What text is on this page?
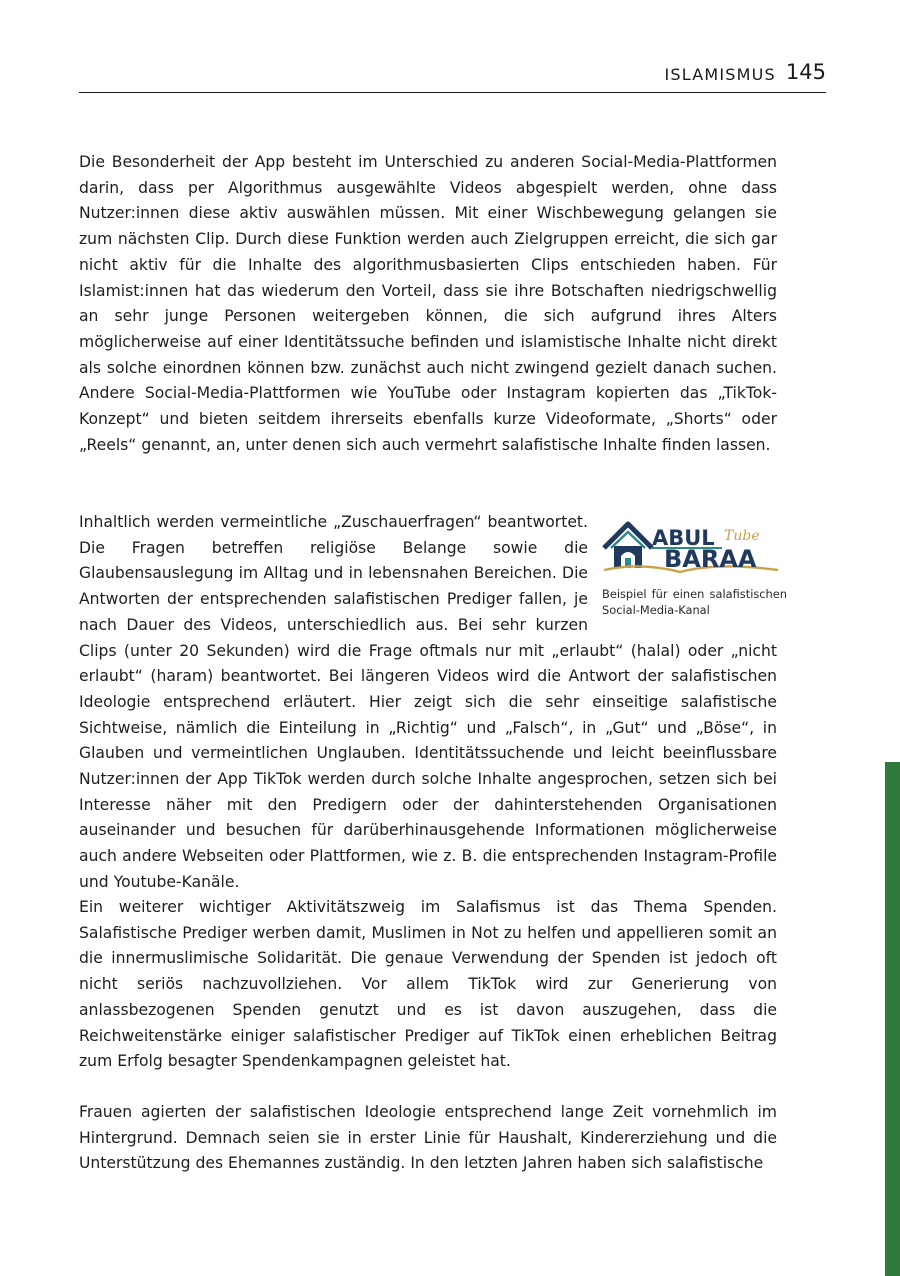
ISLAMISMUS 145

Die Besonderheit der App besteht im Unterschied zu anderen Social-Media-Plattformen darin, dass per Algorithmus ausgewählte Videos abgespielt werden, ohne dass Nutzer:innen diese aktiv auswählen müssen. Mit einer Wischbewegung gelangen sie zum nächsten Clip. Durch diese Funktion werden auch Zielgruppen erreicht, die sich gar nicht aktiv für die Inhalte des algorithmusbasierten Clips entschieden haben. Für Islamist:innen hat das wiederum den Vorteil, dass sie ihre Botschaften niedrigschwellig an sehr junge Personen weitergeben können, die sich aufgrund ihres Alters möglicherweise auf einer Identitätssuche befinden und islamistische Inhalte nicht direkt als solche einordnen können bzw. zunächst auch nicht zwingend gezielt danach suchen. Andere Social-Media-Plattformen wie YouTube oder Instagram kopierten das „TikTok-Konzept“ und bieten seitdem ihrerseits ebenfalls kurze Videoformate, „Shorts“ oder „Reels“ genannt, an, unter denen sich auch vermehrt salafistische Inhalte finden lassen.

ABUL Tube
BARAA
Beispiel für einen salafistischen Social-Media-Kanal
Inhaltlich werden vermeintliche „Zuschauerfragen“ beantwortet. Die Fragen betreffen religiöse Belange sowie die Glaubensauslegung im Alltag und in lebensnahen Bereichen. Die Antworten der entsprechenden salafistischen Prediger fallen, je nach Dauer des Videos, unterschiedlich aus. Bei sehr kurzen Clips (unter 20 Sekunden) wird die Frage oftmals nur mit „erlaubt“ (halal) oder „nicht erlaubt“ (haram) beantwortet. Bei längeren Videos wird die Antwort der salafistischen Ideologie entsprechend erläutert. Hier zeigt sich die sehr einseitige salafistische Sichtweise, nämlich die Einteilung in „Richtig“ und „Falsch“, in „Gut“ und „Böse“, in Glauben und vermeintlichen Unglauben. Identitätssuchende und leicht beeinflussbare Nutzer:innen der App TikTok werden durch solche Inhalte angesprochen, setzen sich bei Interesse näher mit den Predigern oder der dahinterstehenden Organisationen auseinander und besuchen für darüberhinausgehende Informationen möglicherweise auch andere Webseiten oder Plattformen, wie z. B. die entsprechenden Instagram-Profile und Youtube-Kanäle.

Ein weiterer wichtiger Aktivitätszweig im Salafismus ist das Thema Spenden. Salafistische Prediger werben damit, Muslimen in Not zu helfen und appellieren somit an die innermuslimische Solidarität. Die genaue Verwendung der Spenden ist jedoch oft nicht seriös nachzuvollziehen. Vor allem TikTok wird zur Generierung von anlassbezogenen Spenden genutzt und es ist davon auszugehen, dass die Reichweitenstärke einiger salafistischer Prediger auf TikTok einen erheblichen Beitrag zum Erfolg besagter Spendenkampagnen geleistet hat.

Frauen agierten der salafistischen Ideologie entsprechend lange Zeit vornehmlich im Hintergrund. Demnach seien sie in erster Linie für Haushalt, Kindererziehung und die Unterstützung des Ehemannes zuständig. In den letzten Jahren haben sich salafistische
